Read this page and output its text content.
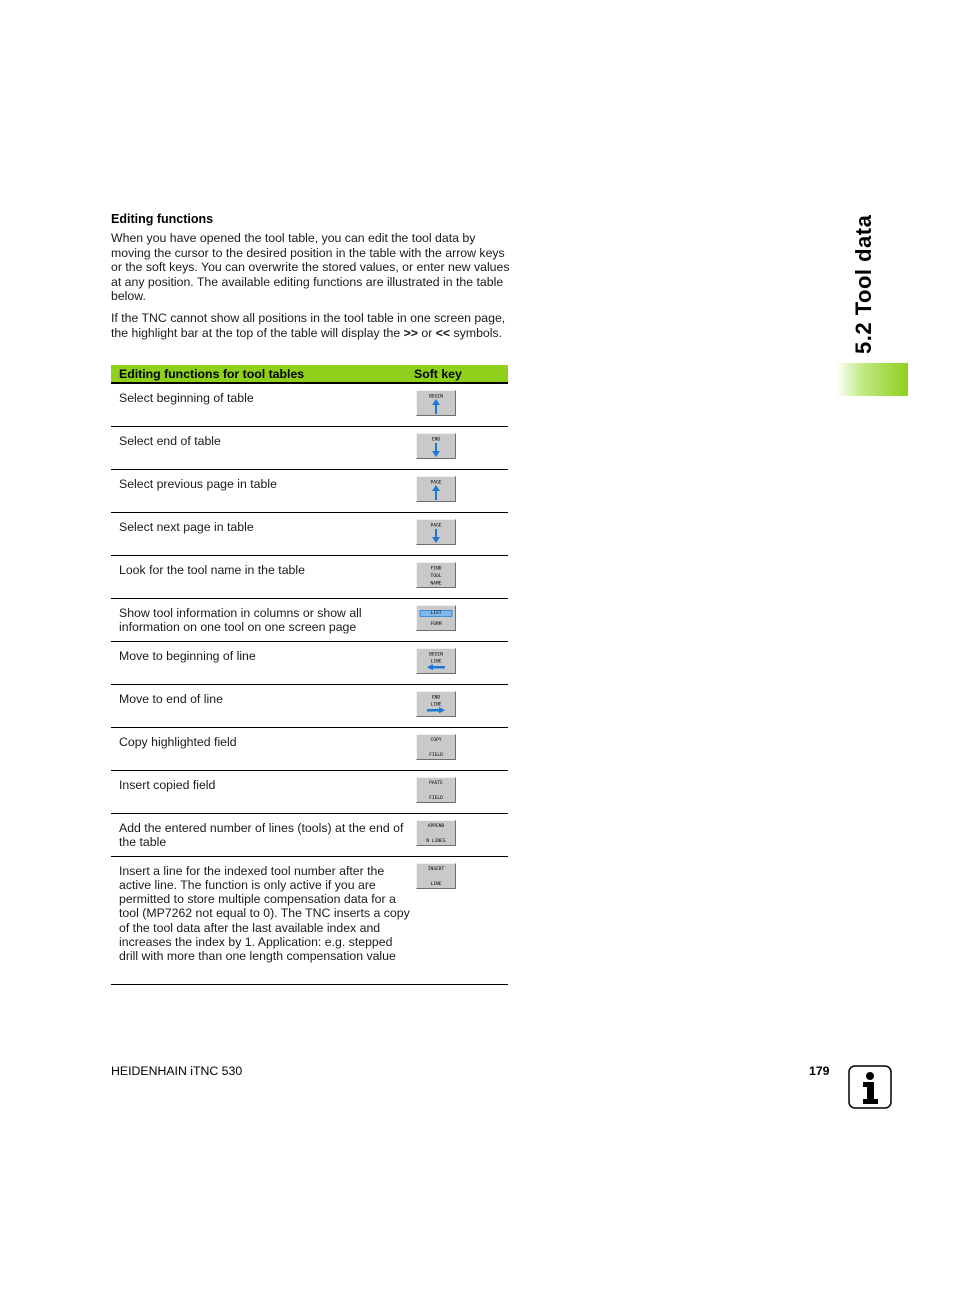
Editing functions

When you have opened the tool table, you can edit the tool data by moving the cursor to the desired position in the table with the arrow keys or the soft keys. You can overwrite the stored values, or enter new values at any position. The available editing functions are illustrated in the table below.

If the TNC cannot show all positions in the tool table in one screen page, the highlight bar at the top of the table will display the >> or << symbols.

Editing functions for tool tables	Soft key
Select beginning of table	BEGIN

Select end of table	END

Select previous page in table	PAGE

Select next page in table	PAGE

Look for the tool name in the table	FIND
TOOL
NAME

Show tool information in columns or show all information on one tool on one screen page	LIST
FORM

Move to beginning of line	BEGIN
LINE

Move to end of line	END
LINE

Copy highlighted field	COPY
FIELD

Insert copied field	PASTE
FIELD

Add the entered number of lines (tools) at the end of the table	APPEND
N LINES

Insert a line for the indexed tool number after the active line. The function is only active if you are permitted to store multiple compensation data for a tool (MP7262 not equal to 0). The TNC inserts a copy of the tool data after the last available index and increases the index by 1. Application: e.g. stepped drill with more than one length compensation value	INSERT
LINE
5.2 Tool data
HEIDENHAIN iTNC 530	179
